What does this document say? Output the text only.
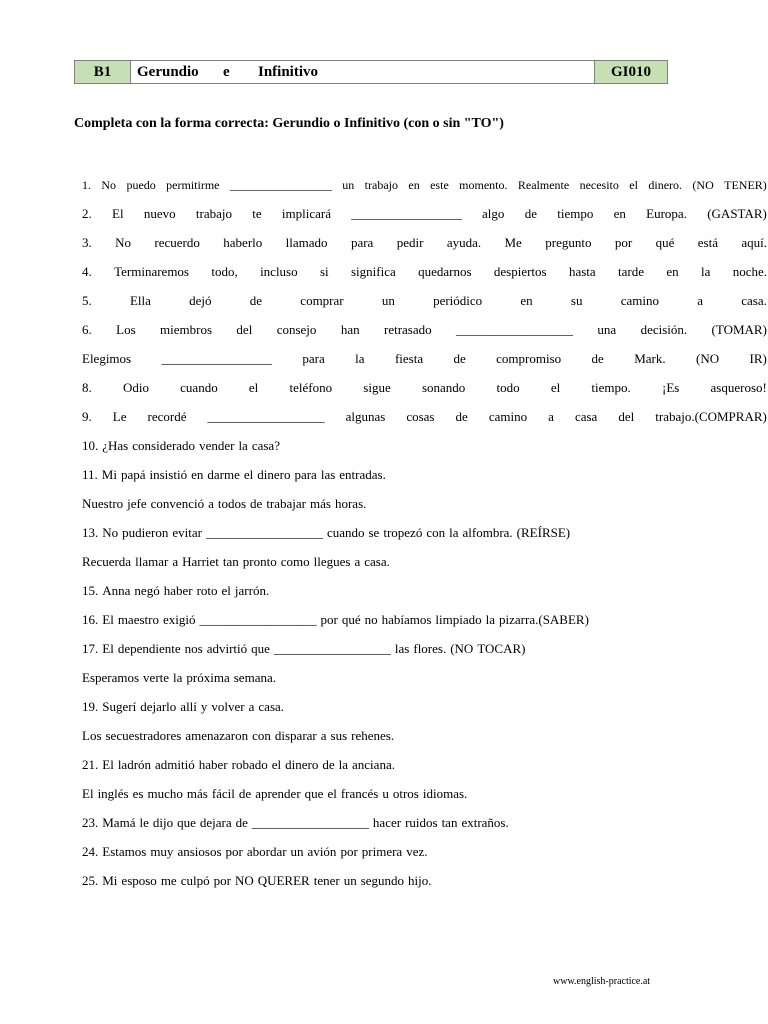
B1	Gerundio	e	Infinitivo	GI010
Completa con la forma correcta: Gerundio o Infinitivo (con o sin "TO")
1. No puedo permitirme _________________ un trabajo en este momento. Realmente necesito el dinero. (NO TENER)
2. El nuevo trabajo te implicará _________________ algo de tiempo en Europa. (GASTAR)
3. No recuerdo haberlo llamado para pedir ayuda. Me pregunto por qué está aquí.
4. Terminaremos todo, incluso si significa quedarnos despiertos hasta tarde en la noche.
5.	Ella	dejó	de	comprar	un	periódico	en	su	camino	a	casa.
6. Los miembros del consejo han retrasado __________________ una decisión. (TOMAR)
Elegimos _________________ para la fiesta de compromiso de Mark. (NO IR)
8. Odio cuando el teléfono sigue sonando todo el tiempo. ¡Es asqueroso!
9. Le recordé __________________ algunas cosas de camino a casa del trabajo.(COMPRAR)
10. ¿Has considerado vender la casa?
11. Mi papá insistió en darme el dinero para las entradas.
Nuestro jefe convenció a todos de trabajar más horas.
13. No pudieron evitar __________________ cuando se tropezó con la alfombra. (REÍRSE)
Recuerda llamar a Harriet tan pronto como llegues a casa.
15. Anna negó haber roto el jarrón.
16. El maestro exigió __________________ por qué no habíamos limpiado la pizarra.(SABER)
17. El dependiente nos advirtió que __________________ las flores. (NO TOCAR)
Esperamos verte la próxima semana.
19. Sugerí dejarlo allí y volver a casa.
Los secuestradores amenazaron con disparar a sus rehenes.
21. El ladrón admitió haber robado el dinero de la anciana.
El inglés es mucho más fácil de aprender que el francés u otros idiomas.
23. Mamá le dijo que dejara de __________________ hacer ruidos tan extraños.
24. Estamos muy ansiosos por abordar un avión por primera vez.
25. Mi esposo me culpó por NO QUERER tener un segundo hijo.
www.english-practice.at
